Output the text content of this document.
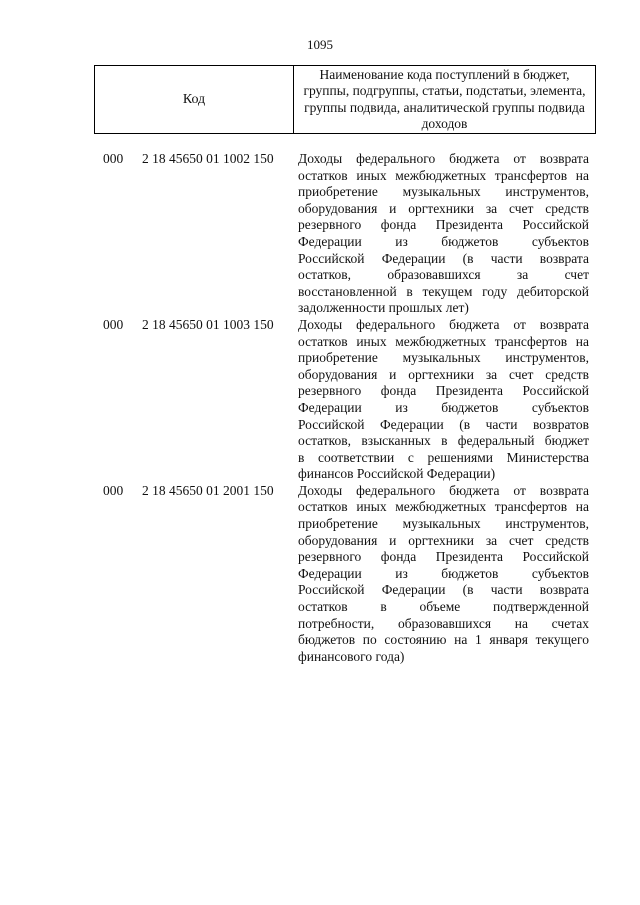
1095
Код
Наименование кода поступлений в бюджет, группы, подгруппы, статьи, подстатьи, элемента, группы подвида, аналитической группы подвида доходов
000 2 18 45650 01 1002 150 Доходы федерального бюджета от возврата
остатков иных межбюджетных трансфертов на
приобретение музыкальных инструментов,
оборудования и оргтехники за счет средств
резервного фонда Президента Российской
Федерации из бюджетов субъектов
Российской Федерации (в части возврата
остатков, образовавшихся за счет
восстановленной в текущем году дебиторской
задолженности прошлых лет)
000 2 18 45650 01 1003 150 Доходы федерального бюджета от возврата
остатков иных межбюджетных трансфертов на
приобретение музыкальных инструментов,
оборудования и оргтехники за счет средств
резервного фонда Президента Российской
Федерации из бюджетов субъектов
Российской Федерации (в части возвратов
остатков, взысканных в федеральный бюджет
в соответствии с решениями Министерства
финансов Российской Федерации)
000 2 18 45650 01 2001 150 Доходы федерального бюджета от возврата
остатков иных межбюджетных трансфертов на
приобретение музыкальных инструментов,
оборудования и оргтехники за счет средств
резервного фонда Президента Российской
Федерации из бюджетов субъектов
Российской Федерации (в части возврата
остатков в объеме подтвержденной
потребности, образовавшихся на счетах
бюджетов по состоянию на 1 января текущего
финансового года)
